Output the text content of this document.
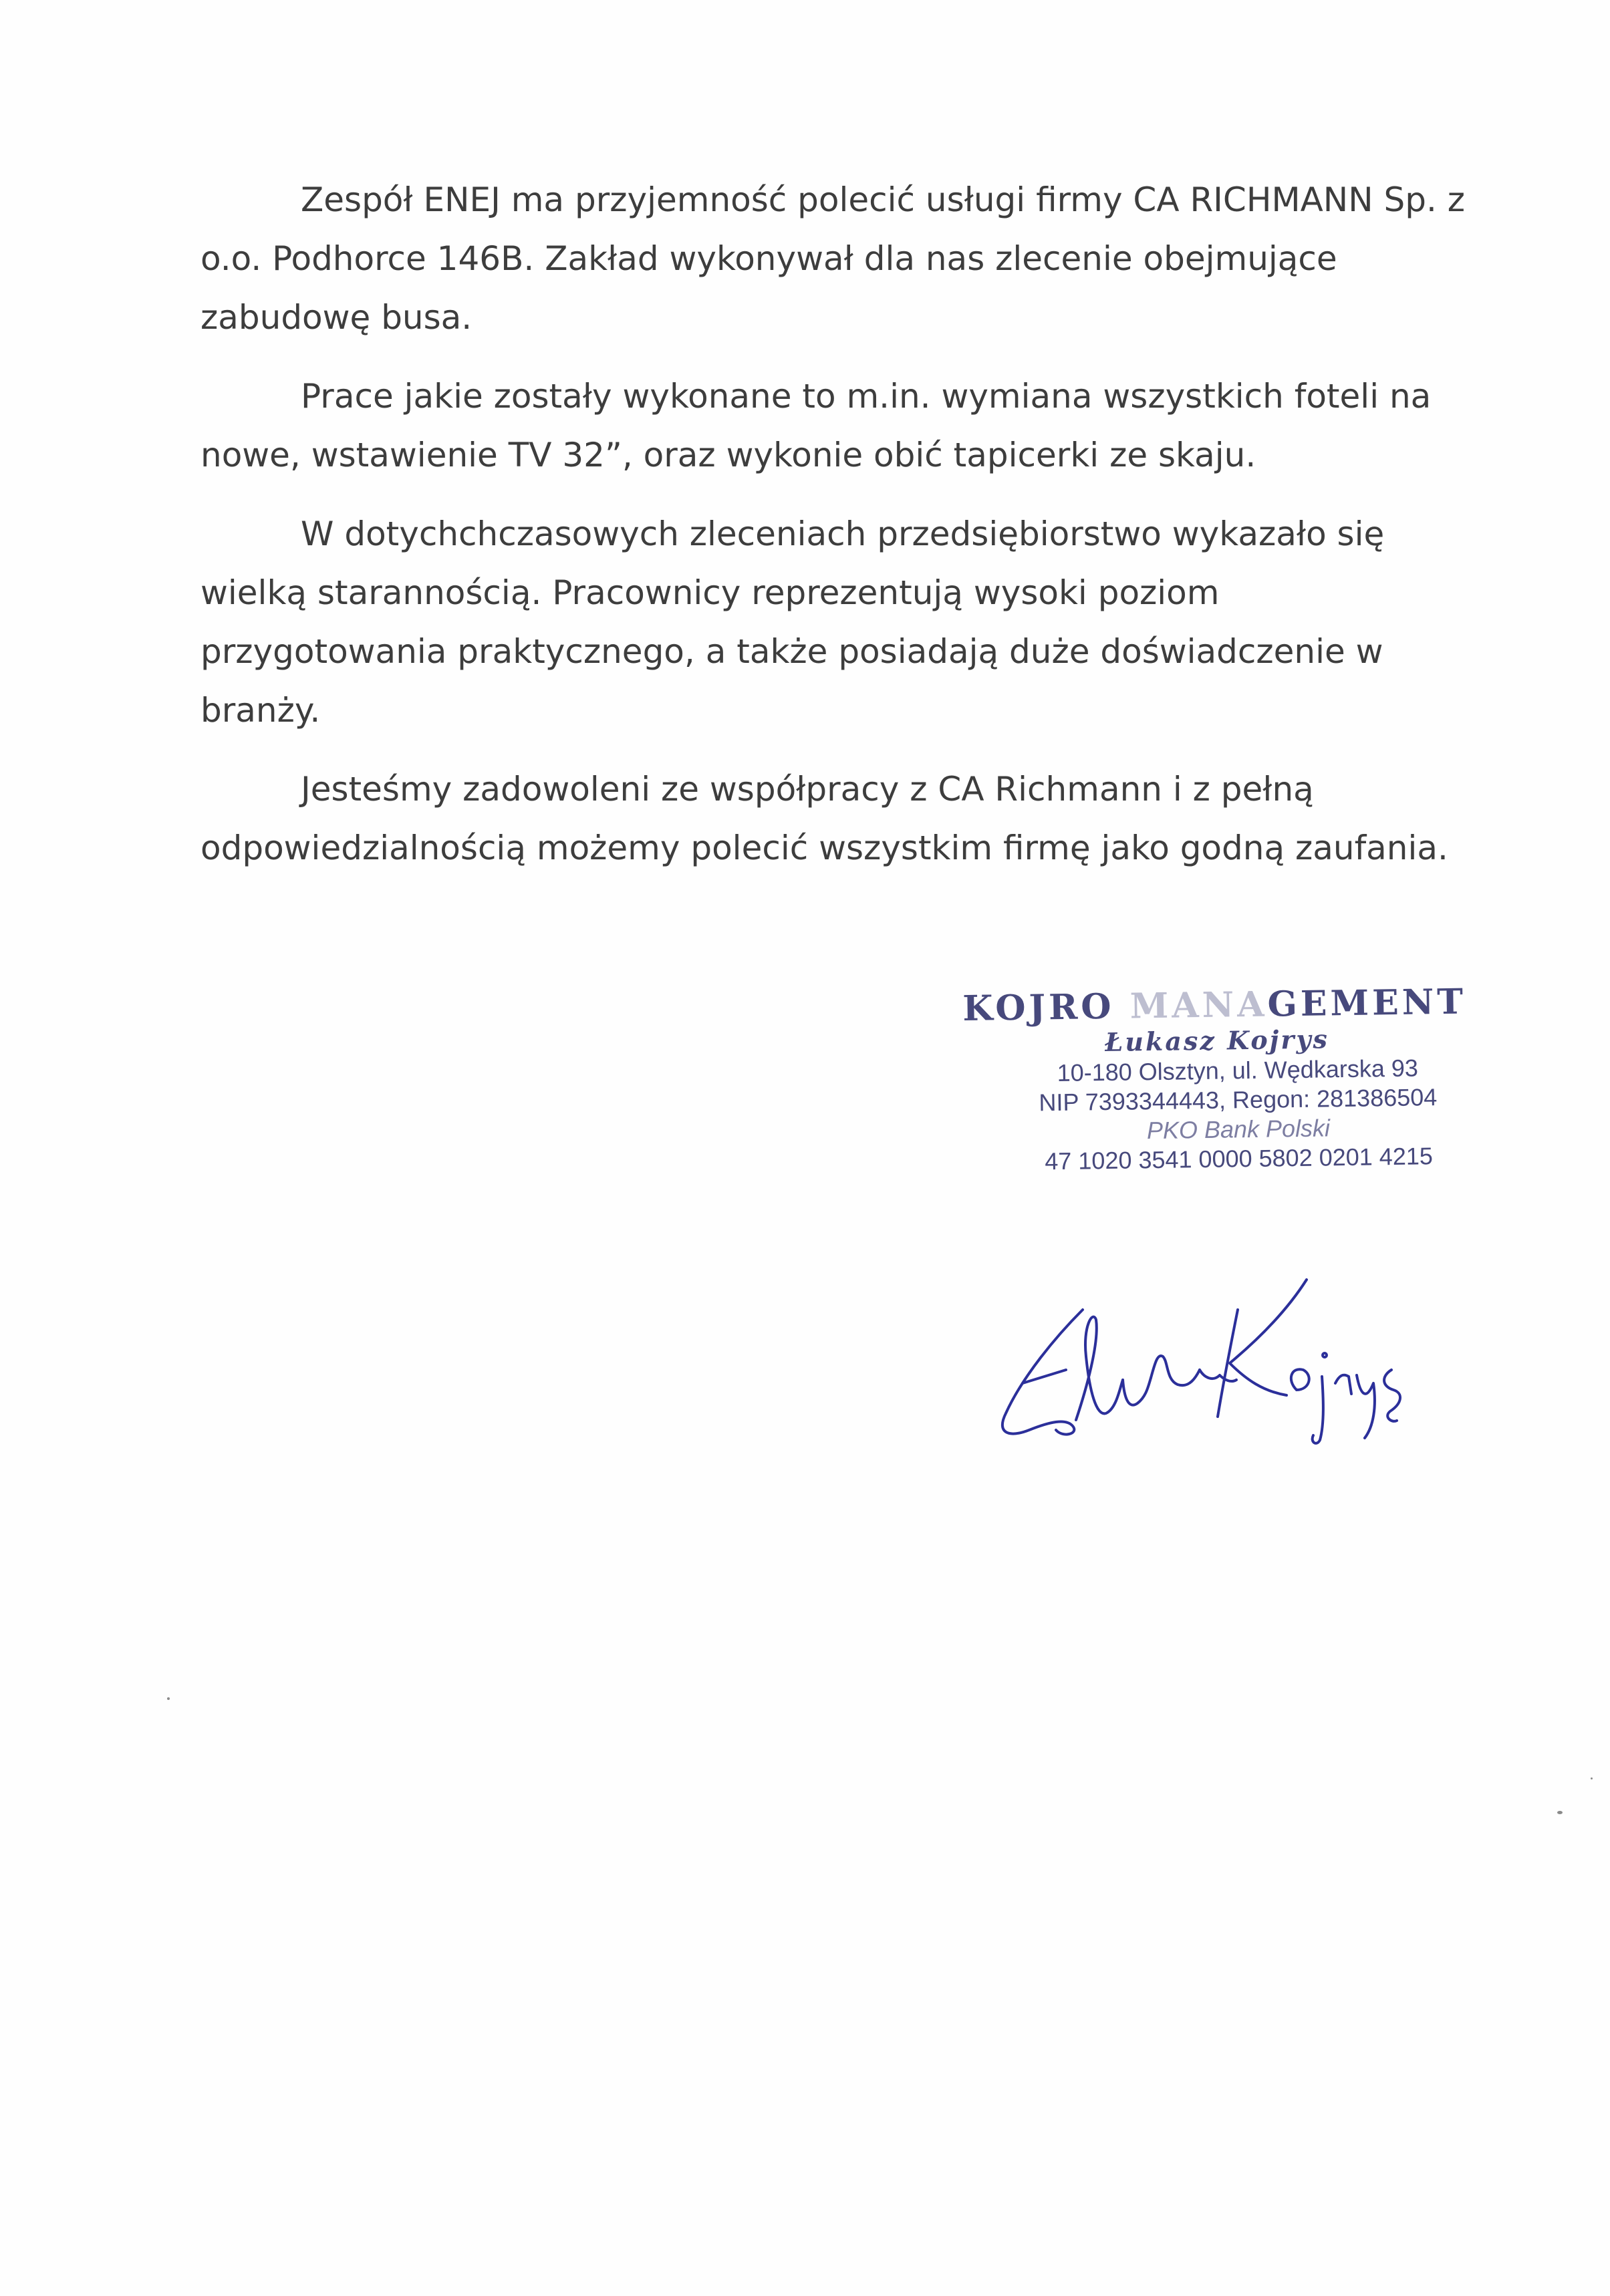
Zespół ENEJ ma przyjemność polecić usługi firmy CA RICHMANN Sp. z o.o. Podhorce 146B. Zakład wykonywał dla nas zlecenie obejmujące zabudowę busa.

Prace jakie zostały wykonane to m.in. wymiana wszystkich foteli na nowe, wstawienie TV 32”, oraz wykonie obić tapicerki ze skaju.

W dotychchczasowych zleceniach przedsiębiorstwo wykazało się wielką starannością. Pracownicy reprezentują wysoki poziom przygotowania praktycznego, a także posiadają duże doświadczenie w branży.

Jesteśmy zadowoleni ze współpracy z CA Richmann i z pełną odpowiedzialnością możemy polecić wszystkim firmę jako godną zaufania.

KOJRO MANAGEMENT
Łukasz Kojrys
10-180 Olsztyn, ul. Wędkarska 93
NIP 7393344443, Regon: 281386504
PKO Bank Polski
47 1020 3541 0000 5802 0201 4215
